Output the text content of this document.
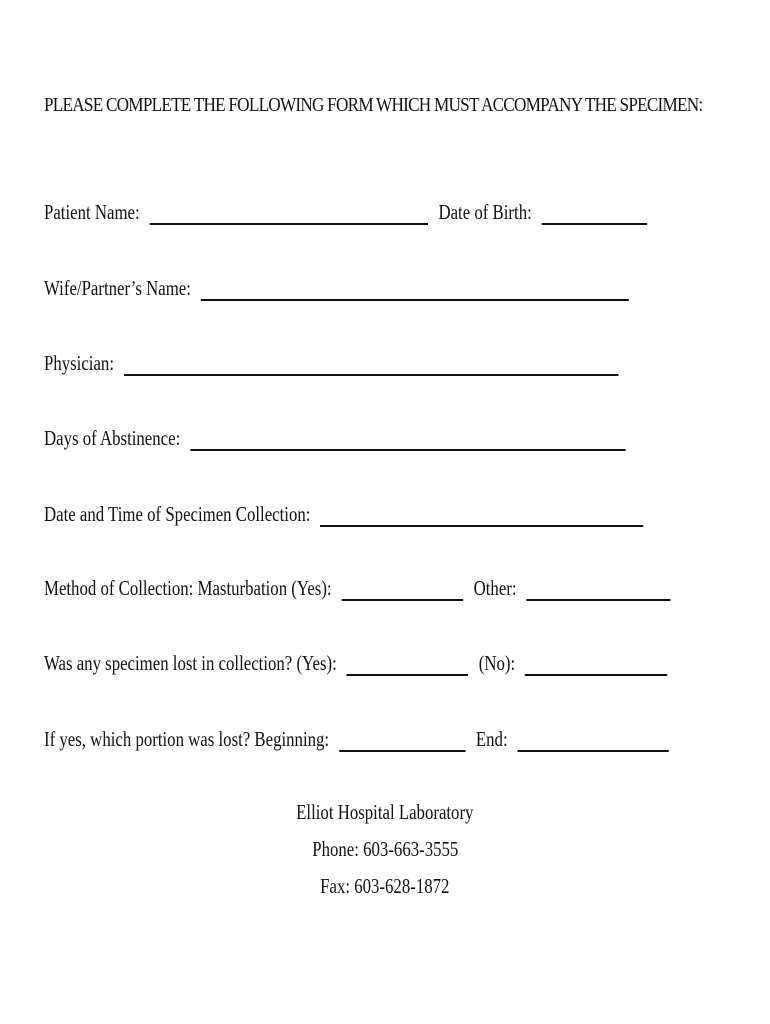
PLEASE COMPLETE THE FOLLOWING FORM WHICH MUST ACCOMPANY THE SPECIMEN:
Patient Name:	Date of Birth:
Wife/Partner’s Name:
Physician:
Days of Abstinence:
Date and Time of Specimen Collection:
Method of Collection: Masturbation (Yes):	Other:
Was any specimen lost in collection? (Yes):	(No):
If yes, which portion was lost? Beginning:	End:
Elliot Hospital Laboratory
Phone: 603-663-3555
Fax: 603-628-1872
